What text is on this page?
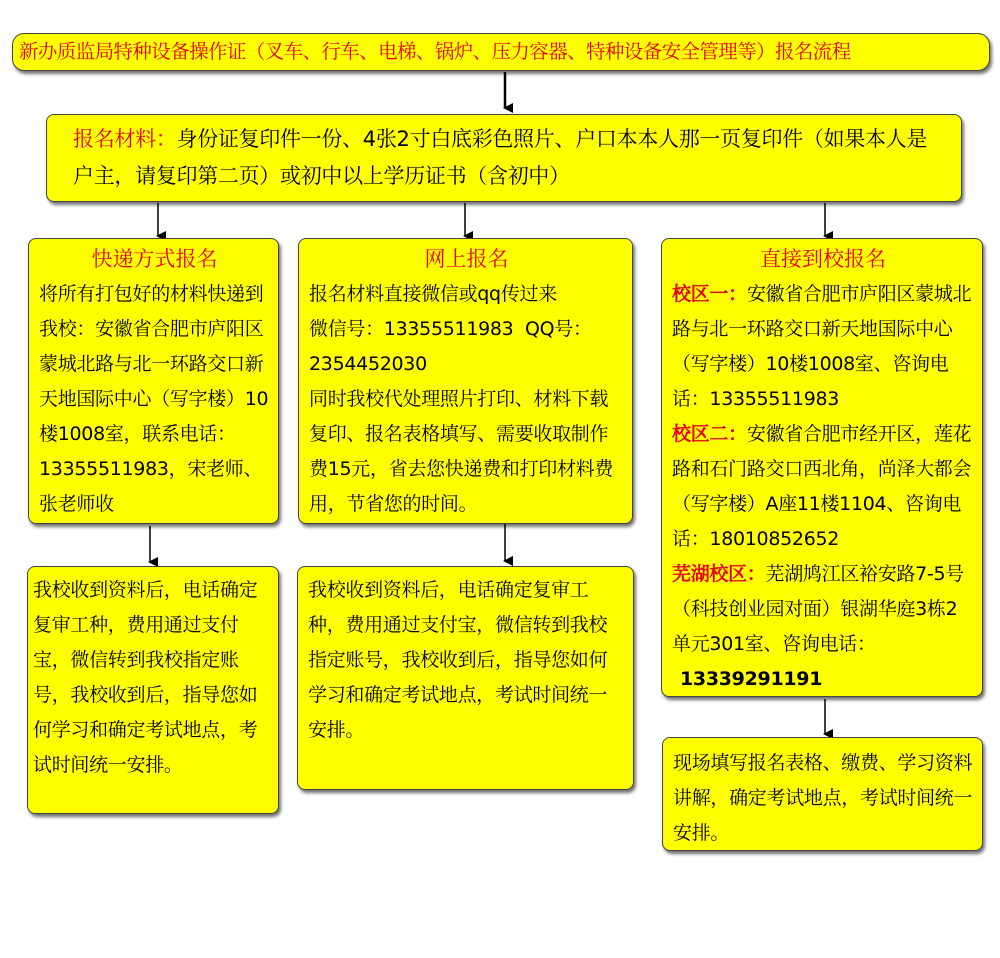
新办质监局特种设备操作证（叉车、行车、电梯、锅炉、压力容器、特种设备安全管理等）报名流程

报名材料：身份证复印件一份、4张2寸白底彩色照片、户口本本人那一页复印件（如果本人是户主，请复印第二页）或初中以上学历证书（含初中）

快递方式报名

将所有打包好的材料快递到我校：安徽省合肥市庐阳区蒙城北路与北一环路交口新天地国际中心（写字楼）10楼1008室，联系电话：13355511983，宋老师、张老师收

网上报名

报名材料直接微信或qq传过来

微信号：13355511983  QQ号：2354452030

同时我校代处理照片打印、材料下载复印、报名表格填写、需要收取制作费15元，省去您快递费和打印材料费用，节省您的时间。

直接到校报名

校区一：安徽省合肥市庐阳区蒙城北路与北一环路交口新天地国际中心（写字楼）10楼1008室、咨询电话：13355511983

校区二：安徽省合肥市经开区，莲花路和石门路交口西北角，尚泽大都会（写字楼）A座11楼1104、咨询电话：18010852652

芜湖校区：芜湖鸠江区裕安路7-5号（科技创业园对面）银湖华庭3栋2单元301室、咨询电话：

13339291191

我校收到资料后，电话确定复审工种，费用通过支付宝，微信转到我校指定账号，我校收到后，指导您如何学习和确定考试地点，考试时间统一安排。

我校收到资料后，电话确定复审工种，费用通过支付宝，微信转到我校指定账号，我校收到后，指导您如何学习和确定考试地点，考试时间统一安排。

现场填写报名表格、缴费、学习资料讲解，确定考试地点，考试时间统一安排。
